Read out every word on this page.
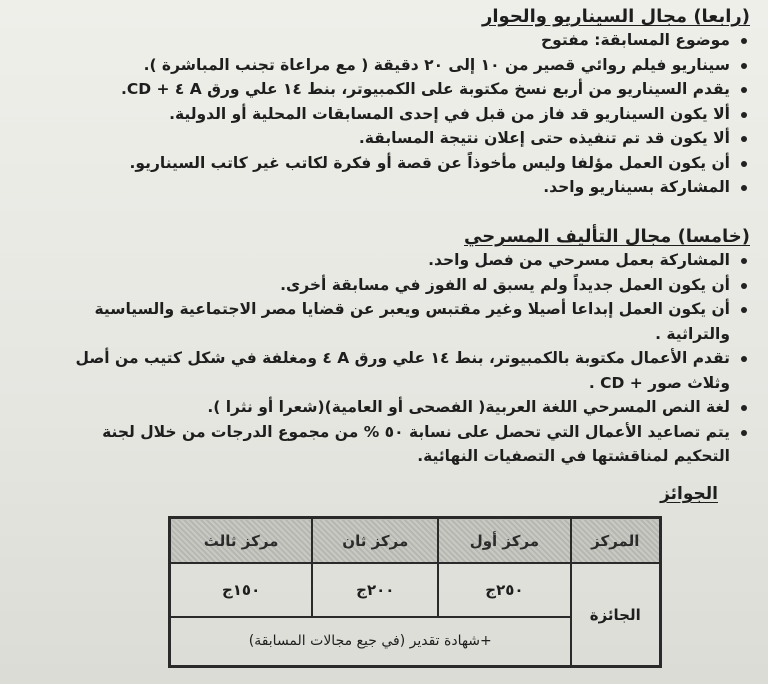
(رابعا) مجال السيناريو والحوار
موضوع المسابقة: مفتوح
سيناريو فيلم روائي قصير من ١٠ إلى ٢٠ دقيقة ( مع مراعاة تجنب المباشرة ).
يقدم السيناريو من أربع نسخ مكتوبة على الكمبيوتر، بنط ١٤ علي ورق A ٤ + CD.
ألا يكون السيناريو قد فاز من قبل في إحدى المسابقات المحلية أو الدولية.
ألا يكون قد تم تنفيذه حتى إعلان نتيجة المسابقة.
أن يكون العمل مؤلفا وليس مأخوذاً عن قصة أو فكرة لكاتب غير كاتب السيناريو.
المشاركة بسيناريو واحد.
(خامسا) مجال التأليف المسرحي
المشاركة بعمل مسرحي من فصل واحد.
أن يكون العمل جديداً ولم يسبق له الفوز في مسابقة أخرى.
أن يكون العمل إبداعا أصيلا وغير مقتبس ويعبر عن قضايا مصر الاجتماعية والسياسية والتراثية .
تقدم الأعمال مكتوبة بالكمبيوتر، بنط ١٤ علي ورق A ٤ ومغلفة في شكل كتيب من أصل وثلاث صور + CD .
لغة النص المسرحي اللغة العربية( الفصحى أو العامية)(شعرا أو نثرا ).
يتم تصاعيد الأعمال التي تحصل على نسابة ٥٠ % من مجموع الدرجات من خلال لجنة التحكيم لمناقشتها في التصفيات النهائية.
الجوائز
المركز	مركز أول	مركز ثان	مركز ثالث
الجائزة	٢٥٠ج	٢٠٠ج	١٥٠ج
	+شهادة تقدير (في جيع مجالات المسابقة)		
